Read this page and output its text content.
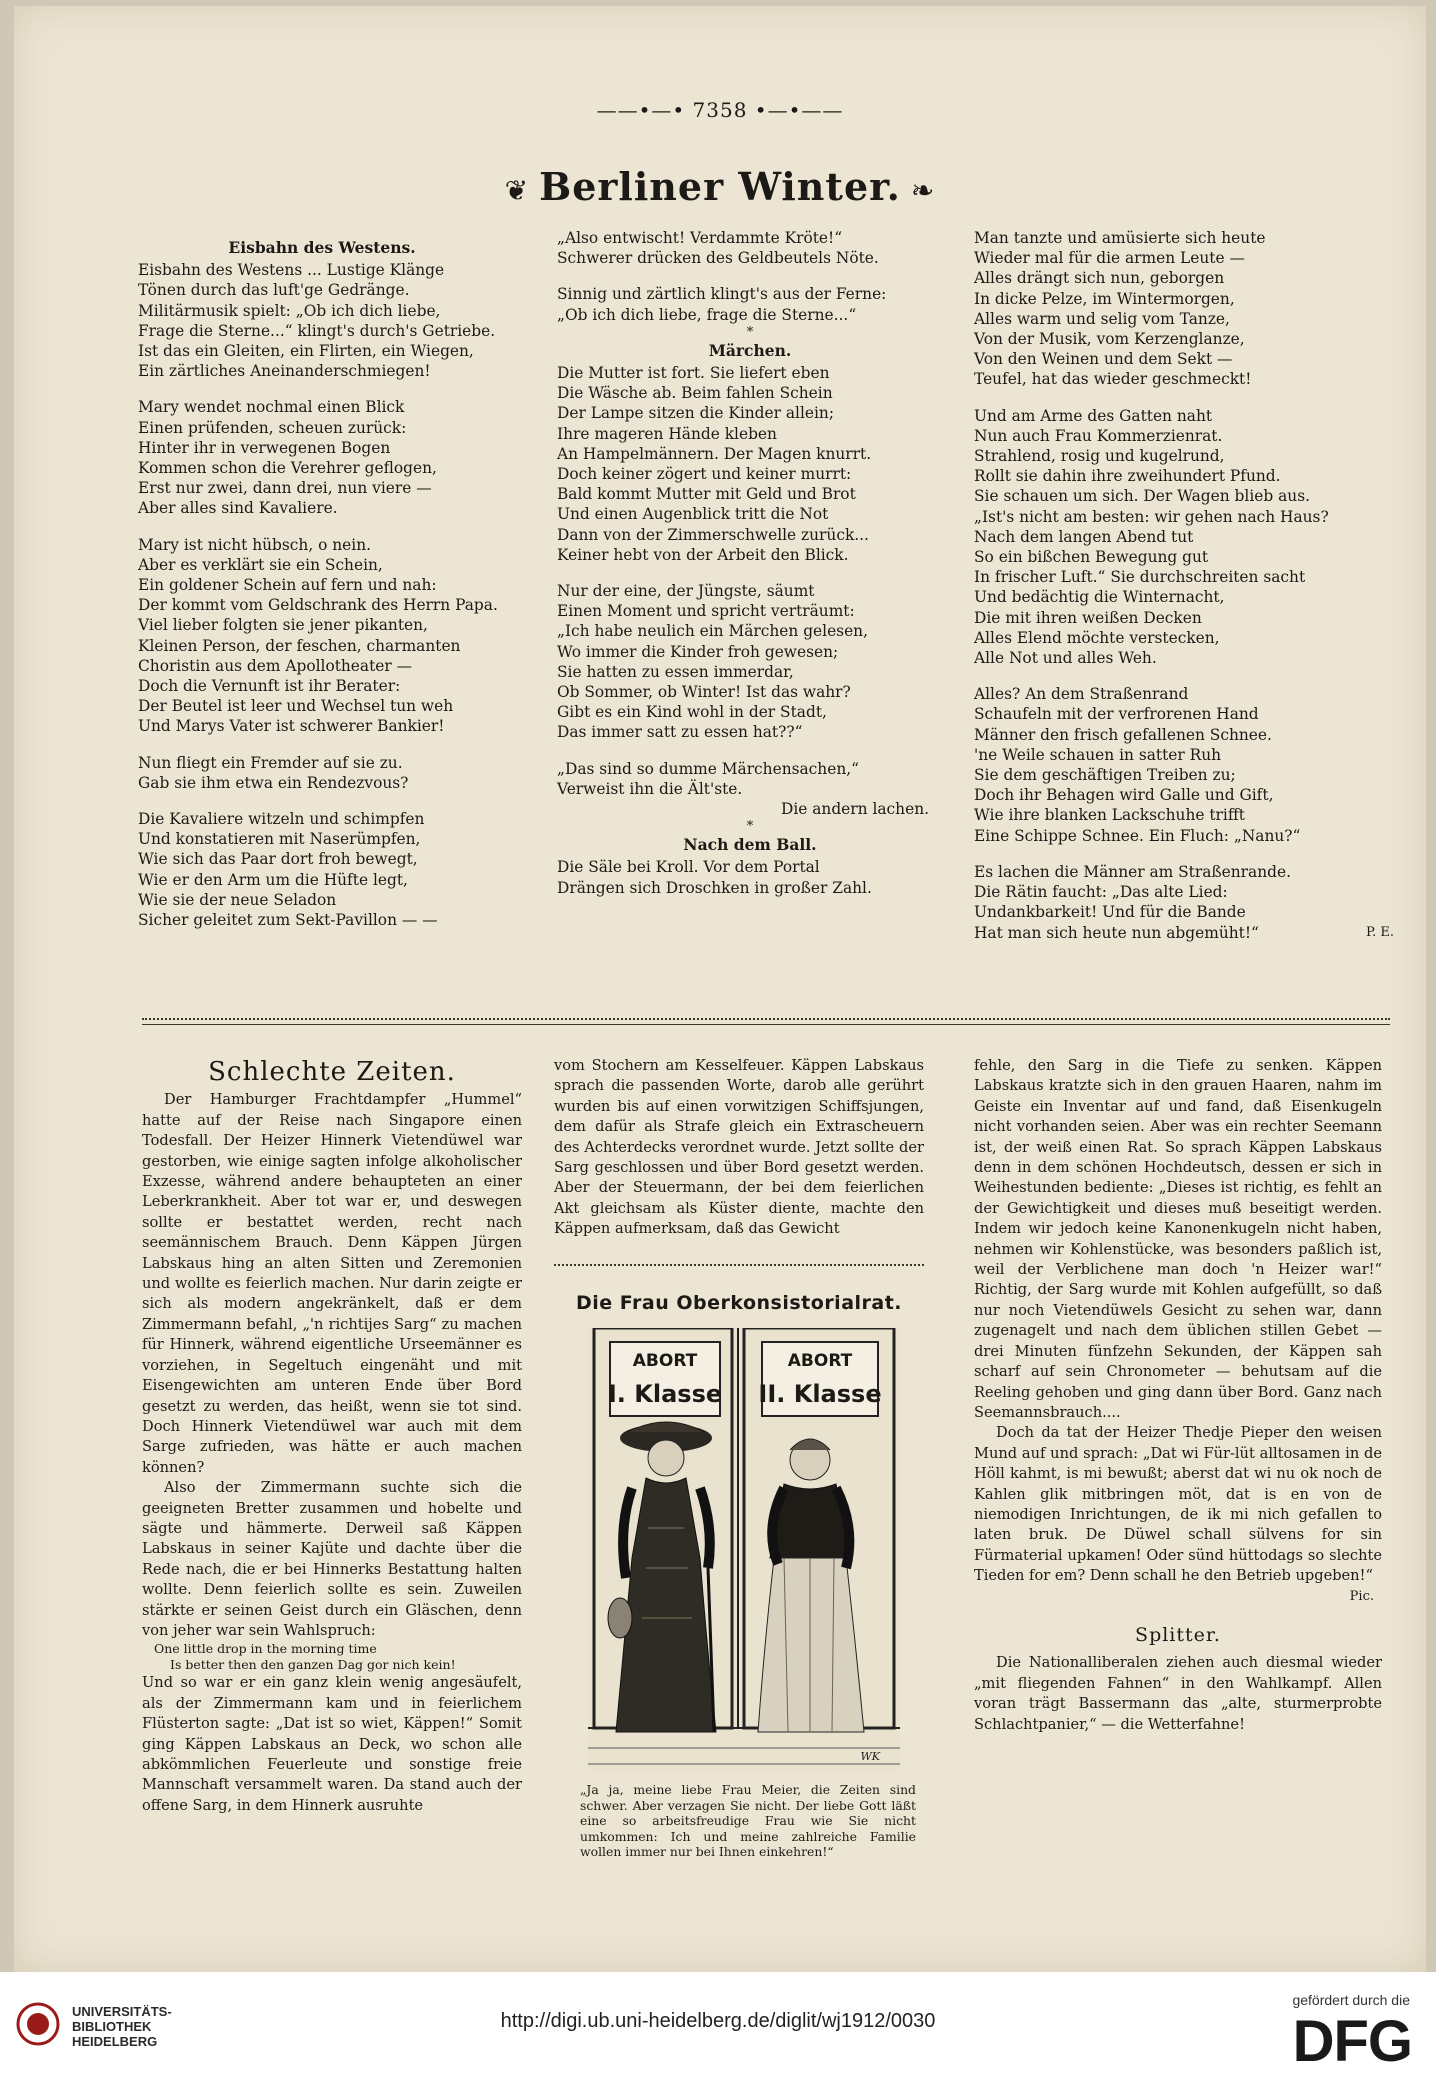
——•—• 7358 •—•——
❦ Berliner Winter. ❧
Eisbahn des Westens.
Eisbahn des Westens ... Lustige Klänge
Tönen durch das luft'ge Gedränge.
Militärmusik spielt: „Ob ich dich liebe,
Frage die Sterne...“ klingt's durch's Getriebe.
Ist das ein Gleiten, ein Flirten, ein Wiegen,
Ein zärtliches Aneinanderschmiegen!
Mary wendet nochmal einen Blick
Einen prüfenden, scheuen zurück:
Hinter ihr in verwegenen Bogen
Kommen schon die Verehrer geflogen,
Erst nur zwei, dann drei, nun viere —
Aber alles sind Kavaliere.
Mary ist nicht hübsch, o nein.
Aber es verklärt sie ein Schein,
Ein goldener Schein auf fern und nah:
Der kommt vom Geldschrank des Herrn Papa.
Viel lieber folgten sie jener pikanten,
Kleinen Person, der feschen, charmanten
Choristin aus dem Apollotheater —
Doch die Vernunft ist ihr Berater:
Der Beutel ist leer und Wechsel tun weh
Und Marys Vater ist schwerer Bankier!
Nun fliegt ein Fremder auf sie zu.
Gab sie ihm etwa ein Rendezvous?
Die Kavaliere witzeln und schimpfen
Und konstatieren mit Naserümpfen,
Wie sich das Paar dort froh bewegt,
Wie er den Arm um die Hüfte legt,
Wie sie der neue Seladon
Sicher geleitet zum Sekt-Pavillon — —
„Also entwischt! Verdammte Kröte!“
Schwerer drücken des Geldbeutels Nöte.
Sinnig und zärtlich klingt's aus der Ferne:
„Ob ich dich liebe, frage die Sterne...“
*
Märchen.
Die Mutter ist fort. Sie liefert eben
Die Wäsche ab. Beim fahlen Schein
Der Lampe sitzen die Kinder allein;
Ihre mageren Hände kleben
An Hampelmännern. Der Magen knurrt.
Doch keiner zögert und keiner murrt:
Bald kommt Mutter mit Geld und Brot
Und einen Augenblick tritt die Not
Dann von der Zimmerschwelle zurück...
Keiner hebt von der Arbeit den Blick.
Nur der eine, der Jüngste, säumt
Einen Moment und spricht verträumt:
„Ich habe neulich ein Märchen gelesen,
Wo immer die Kinder froh gewesen;
Sie hatten zu essen immerdar,
Ob Sommer, ob Winter! Ist das wahr?
Gibt es ein Kind wohl in der Stadt,
Das immer satt zu essen hat??“
„Das sind so dumme Märchensachen,“
Verweist ihn die Ält'ste.
Die andern lachen.
*
Nach dem Ball.
Die Säle bei Kroll. Vor dem Portal
Drängen sich Droschken in großer Zahl.
Man tanzte und amüsierte sich heute
Wieder mal für die armen Leute —
Alles drängt sich nun, geborgen
In dicke Pelze, im Wintermorgen,
Alles warm und selig vom Tanze,
Von der Musik, vom Kerzenglanze,
Von den Weinen und dem Sekt —
Teufel, hat das wieder geschmeckt!
Und am Arme des Gatten naht
Nun auch Frau Kommerzienrat.
Strahlend, rosig und kugelrund,
Rollt sie dahin ihre zweihundert Pfund.
Sie schauen um sich. Der Wagen blieb aus.
„Ist's nicht am besten: wir gehen nach Haus?
Nach dem langen Abend tut
So ein bißchen Bewegung gut
In frischer Luft.“ Sie durchschreiten sacht
Und bedächtig die Winternacht,
Die mit ihren weißen Decken
Alles Elend möchte verstecken,
Alle Not und alles Weh.
Alles? An dem Straßenrand
Schaufeln mit der verfrorenen Hand
Männer den frisch gefallenen Schnee.
'ne Weile schauen in satter Ruh
Sie dem geschäftigen Treiben zu;
Doch ihr Behagen wird Galle und Gift,
Wie ihre blanken Lackschuhe trifft
Eine Schippe Schnee. Ein Fluch: „Nanu?“
Es lachen die Männer am Straßenrande.
Die Rätin faucht: „Das alte Lied:
Undankbarkeit! Und für die Bande
Hat man sich heute nun abgemüht!“	P. E.
Schlechte Zeiten.

Der Hamburger Frachtdampfer „Hummel“ hatte auf der Reise nach Singapore einen Todesfall. Der Heizer Hinnerk Vietendüwel war gestorben, wie einige sagten infolge alkoholischer Exzesse, während andere behaupteten an einer Leberkrankheit. Aber tot war er, und deswegen sollte er bestattet werden, recht nach seemännischem Brauch. Denn Käppen Jürgen Labskaus hing an alten Sitten und Zeremonien und wollte es feierlich machen. Nur darin zeigte er sich als modern angekränkelt, daß er dem Zimmermann befahl, „'n richtijes Sarg“ zu machen für Hinnerk, während eigentliche Urseemänner es vorziehen, in Segeltuch eingenäht und mit Eisengewichten am unteren Ende über Bord gesetzt zu werden, das heißt, wenn sie tot sind. Doch Hinnerk Vietendüwel war auch mit dem Sarge zufrieden, was hätte er auch machen können?

Also der Zimmermann suchte sich die geeigneten Bretter zusammen und hobelte und sägte und hämmerte. Derweil saß Käppen Labskaus in seiner Kajüte und dachte über die Rede nach, die er bei Hinnerks Bestattung halten wollte. Denn feierlich sollte es sein. Zuweilen stärkte er seinen Geist durch ein Gläschen, denn von jeher war sein Wahlspruch:

One little drop in the morning time
Is better then den ganzen Dag gor nich kein!

Und so war er ein ganz klein wenig angesäufelt, als der Zimmermann kam und in feierlichem Flüsterton sagte: „Dat ist so wiet, Käppen!“ Somit ging Käppen Labskaus an Deck, wo schon alle abkömmlichen Feuerleute und sonstige freie Mannschaft versammelt waren. Da stand auch der offene Sarg, in dem Hinnerk ausruhte

vom Stochern am Kesselfeuer. Käppen Labskaus sprach die passenden Worte, darob alle gerührt wurden bis auf einen vorwitzigen Schiffsjungen, dem dafür als Strafe gleich ein Extrascheuern des Achterdecks verordnet wurde. Jetzt sollte der Sarg geschlossen und über Bord gesetzt werden. Aber der Steuermann, der bei dem feierlichen Akt gleichsam als Küster diente, machte den Käppen aufmerksam, daß das Gewicht

Die Frau Oberkonsistorialrat.
ABORT
I. Klasse
ABORT
II. Klasse
WK
„Ja ja, meine liebe Frau Meier, die Zeiten sind schwer. Aber verzagen Sie nicht. Der liebe Gott läßt eine so arbeitsfreudige Frau wie Sie nicht umkommen: Ich und meine zahlreiche Familie wollen immer nur bei Ihnen einkehren!“

fehle, den Sarg in die Tiefe zu senken. Käppen Labskaus kratzte sich in den grauen Haaren, nahm im Geiste ein Inventar auf und fand, daß Eisenkugeln nicht vorhanden seien. Aber was ein rechter Seemann ist, der weiß einen Rat. So sprach Käppen Labskaus denn in dem schönen Hochdeutsch, dessen er sich in Weihestunden bediente: „Dieses ist richtig, es fehlt an der Gewichtigkeit und dieses muß beseitigt werden. Indem wir jedoch keine Kanonenkugeln nicht haben, nehmen wir Kohlenstücke, was besonders paßlich ist, weil der Verblichene man doch 'n Heizer war!“ Richtig, der Sarg wurde mit Kohlen aufgefüllt, so daß nur noch Vietendüwels Gesicht zu sehen war, dann zugenagelt und nach dem üblichen stillen Gebet — drei Minuten fünfzehn Sekunden, der Käppen sah scharf auf sein Chronometer — behutsam auf die Reeling gehoben und ging dann über Bord. Ganz nach Seemannsbrauch....

Doch da tat der Heizer Thedje Pieper den weisen Mund auf und sprach: „Dat wi Für-lüt alltosamen in de Höll kahmt, is mi bewußt; aberst dat wi nu ok noch de Kahlen glik mitbringen möt, dat is en von de niemodigen Inrichtungen, de ik mi nich gefallen to laten bruk. De Düwel schall sülvens for sin Fürmaterial upkamen! Oder sünd hüttodags so slechte Tieden for em? Denn schall he den Betrieb upgeben!“

Pic.
Splitter.

Die Nationalliberalen ziehen auch diesmal wieder „mit fliegenden Fahnen“ in den Wahlkampf. Allen voran trägt Bassermann das „alte, sturmerprobte Schlachtpanier,“ — die Wetterfahne!

UNIVERSITÄTS-
BIBLIOTHEK
HEIDELBERG
http://digi.ub.uni-heidelberg.de/diglit/wj1912/0030
gefördert durch die
DFG
